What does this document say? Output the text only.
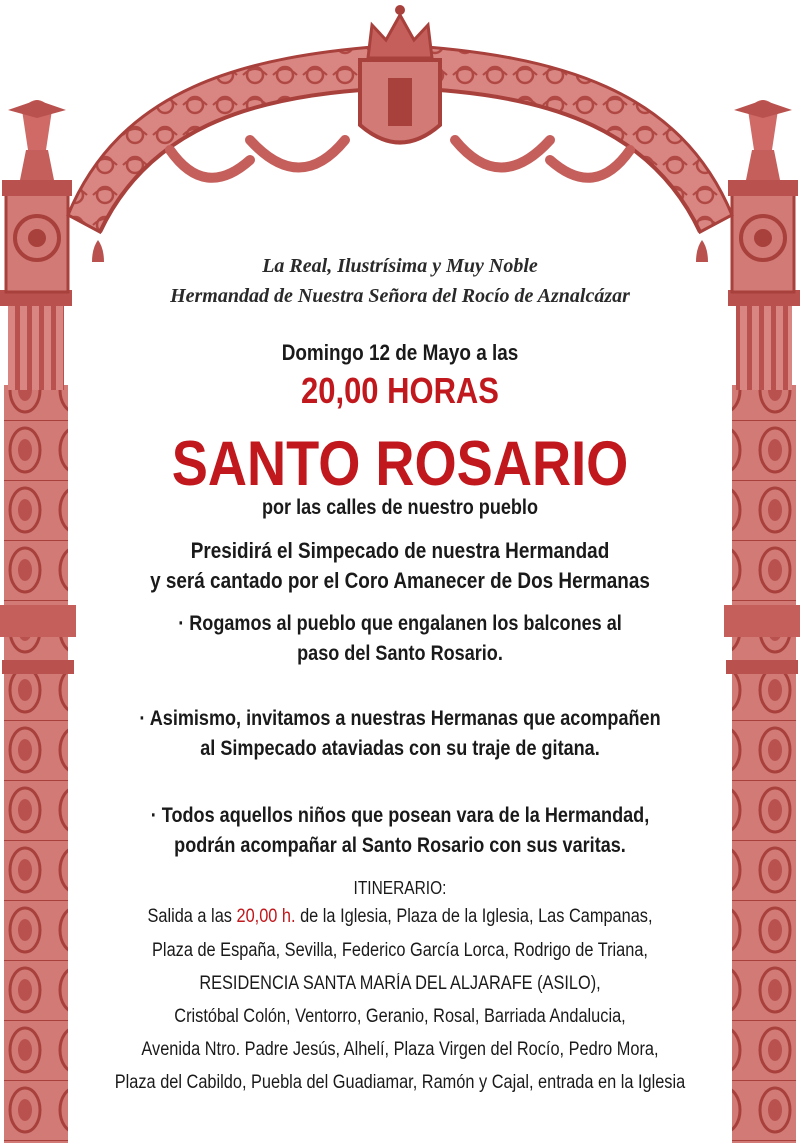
La Real, Ilustrísima y Muy Noble
Hermandad de Nuestra Señora del Rocío de Aznalcázar
Domingo 12 de Mayo a las
20,00 HORAS
SANTO ROSARIO
por las calles de nuestro pueblo
Presidirá el Simpecado de nuestra Hermandad
y será cantado por el Coro Amanecer de Dos Hermanas
· Rogamos al pueblo que engalanen los balcones al
paso del Santo Rosario.
· Asimismo, invitamos a nuestras Hermanas que acompañen
al Simpecado ataviadas con su traje de gitana.
· Todos aquellos niños que posean vara de la Hermandad,
podrán acompañar al Santo Rosario con sus varitas.
ITINERARIO:
Salida a las 20,00 h. de la Iglesia, Plaza de la Iglesia, Las Campanas,
Plaza de España, Sevilla, Federico García Lorca, Rodrigo de Triana,
RESIDENCIA SANTA MARÍA DEL ALJARAFE (ASILO),
Cristóbal Colón, Ventorro, Geranio, Rosal, Barriada Andalucia,
Avenida Ntro. Padre Jesús, Alhelí, Plaza Virgen del Rocío, Pedro Mora,
Plaza del Cabildo, Puebla del Guadiamar, Ramón y Cajal, entrada en la Iglesia
